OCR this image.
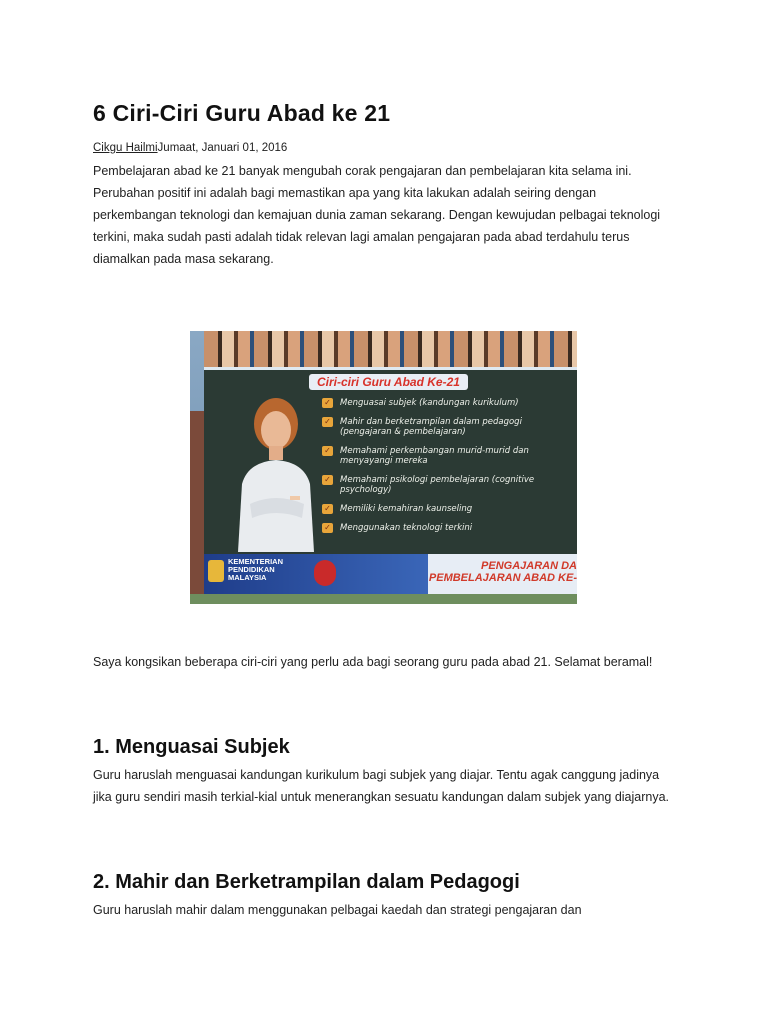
6 Ciri-Ciri Guru Abad ke 21
Cikgu HailmiJumaat, Januari 01, 2016

Pembelajaran abad ke 21 banyak mengubah corak pengajaran dan pembelajaran kita selama ini. Perubahan positif ini adalah bagi memastikan apa yang kita lakukan adalah seiring dengan perkembangan teknologi dan kemajuan dunia zaman sekarang. Dengan kewujudan pelbagai teknologi terkini, maka sudah pasti adalah tidak relevan lagi amalan pengajaran pada abad terdahulu terus diamalkan pada masa sekarang.

Saya kongsikan beberapa ciri-ciri yang perlu ada bagi seorang guru pada abad 21. Selamat beramal!

1. Menguasai Subjek

Guru haruslah menguasai kandungan kurikulum bagi subjek yang diajar. Tentu agak canggung jadinya jika guru sendiri masih terkial-kial untuk menerangkan sesuatu kandungan dalam subjek yang diajarnya.

2. Mahir dan Berketrampilan dalam Pedagogi

Guru haruslah mahir dalam menggunakan pelbagai kaedah dan strategi pengajaran dan

Ciri-ciri Guru Abad Ke-21
✓ Menguasai subjek (kandungan kurikulum)
✓ Mahir dan berketrampilan dalam pedagogi (pengajaran & pembelajaran)
✓ Memahami perkembangan murid-murid dan menyayangi mereka
✓ Memahami psikologi pembelajaran (cognitive psychology)
✓ Memiliki kemahiran kaunseling
✓ Menggunakan teknologi terkini
KEMENTERIAN PENDIDIKAN MALAYSIA
PENGAJARAN DA
PEMBELAJARAN ABAD KE-
